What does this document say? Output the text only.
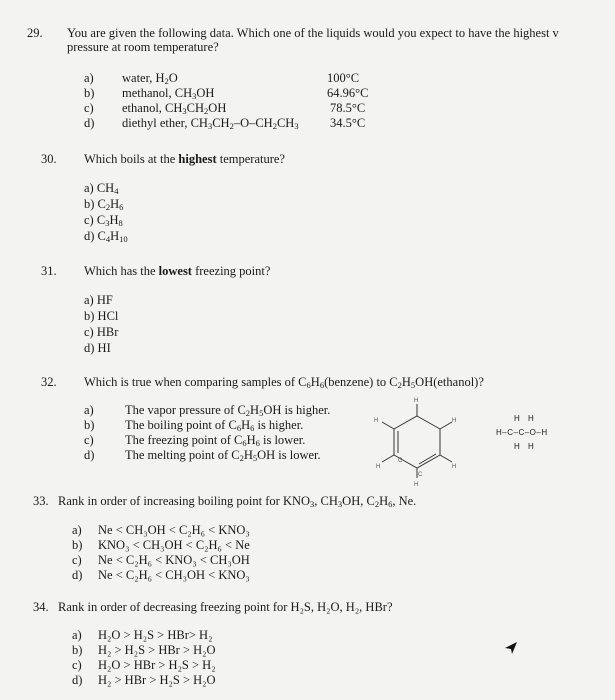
29. You are given the following data. Which one of the liquids would you expect to have the highest v
pressure at room temperature?
a) water, $H_2O$	100°C
b) methanol, $CH_3OH$	64.96°C
c) ethanol, $CH_3CH_2OH$	78.5°C
d) diethyl ether, $CH_3CH_2-O-CH_2CH_3$	34.5°C
30. Which boils at the highest temperature?
a) $CH_4$
b) $C_2H_6$
c) $C_3H_8$
d) $C_4H_{10}$
31. Which has the lowest freezing point?
a) HF
b) HCl
c) HBr
d) HI
32. Which is true when comparing samples of $C_6H_6(benzene)$ to $C_2H_5OH(ethanol)$?
a)	The vapor pressure of $C_2H_5OH$ is higher.
b) The boiling point of $C_6H_6$ is higher.
c)	The freezing point of $C_6H_6$ is lower.
d) The melting point of $C_2H_5OH$ is lower.
H
H
H
H	H
H
C
C
H H
H–C–C–O–H
H H
33. Rank in order of increasing boiling point for $KNO_3$, $CH_3OH$, $C_2H_6$, Ne.
a) Ne < CH₃OH < C₂H₆ < KNO₃
b) KNO₃ < CH₃OH < C₂H₆ < Ne
c) Ne < C₂H₆ < KNO₃ < CH₃OH
d) Ne < C₂H₆ < CH₃OH < KNO₃
34. Rank in order of decreasing freezing point for H₂S, H₂O, H₂, HBr?
a) H₂O > H₂S > HBr> H₂
b) H₂ > H₂S > HBr > H₂O
c) H₂O > HBr > H₂S > H₂
d) H₂ > HBr > H₂S > H₂O
